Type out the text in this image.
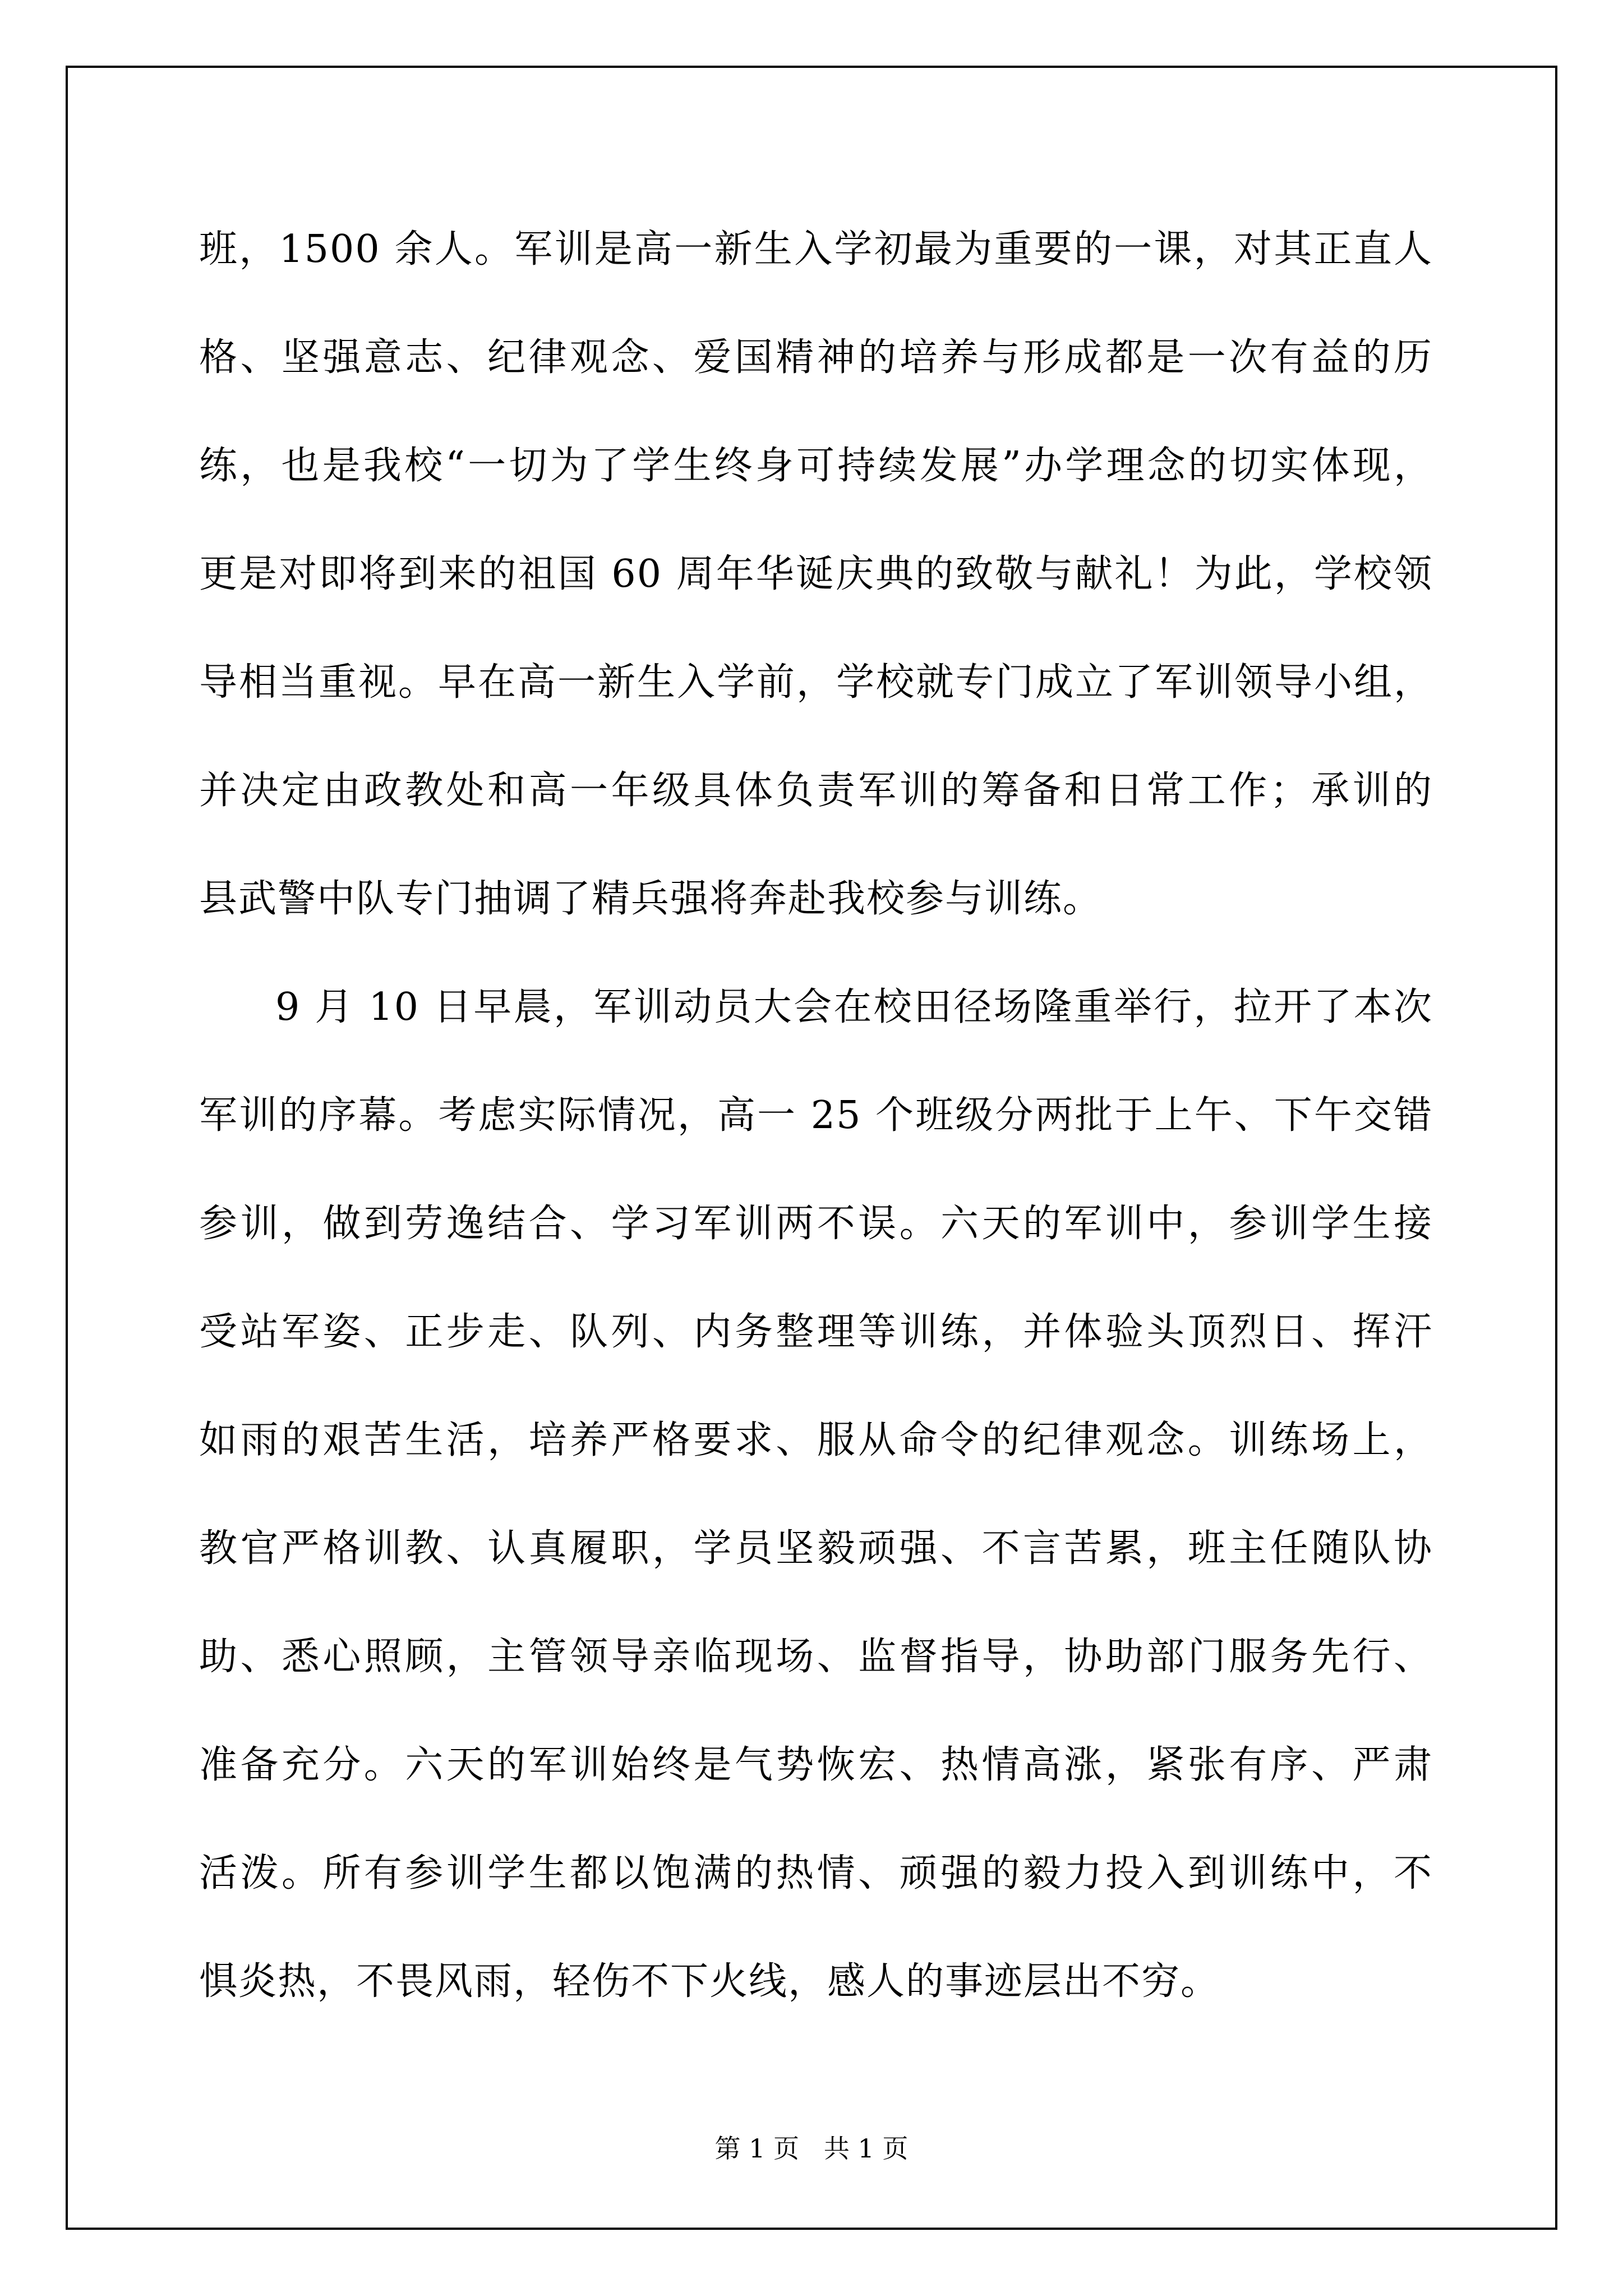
班，1500 余人。军训是高一新生入学初最为重要的一课，对其正直人
格、坚强意志、纪律观念、爱国精神的培养与形成都是一次有益的历
练，也是我校“一切为了学生终身可持续发展”办学理念的切实体现，
更是对即将到来的祖国 60 周年华诞庆典的致敬与献礼！为此，学校领
导相当重视。早在高一新生入学前，学校就专门成立了军训领导小组，
并决定由政教处和高一年级具体负责军训的筹备和日常工作；承训的
县武警中队专门抽调了精兵强将奔赴我校参与训练。
9 月 10 日早晨，军训动员大会在校田径场隆重举行，拉开了本次
军训的序幕。考虑实际情况，高一 25 个班级分两批于上午、下午交错
参训，做到劳逸结合、学习军训两不误。六天的军训中，参训学生接
受站军姿、正步走、队列、内务整理等训练，并体验头顶烈日、挥汗
如雨的艰苦生活，培养严格要求、服从命令的纪律观念。训练场上，
教官严格训教、认真履职，学员坚毅顽强、不言苦累，班主任随队协
助、悉心照顾，主管领导亲临现场、监督指导，协助部门服务先行、
准备充分。六天的军训始终是气势恢宏、热情高涨，紧张有序、严肃
活泼。所有参训学生都以饱满的热情、顽强的毅力投入到训练中，不
惧炎热，不畏风雨，轻伤不下火线，感人的事迹层出不穷。
第 1 页   共 1 页
